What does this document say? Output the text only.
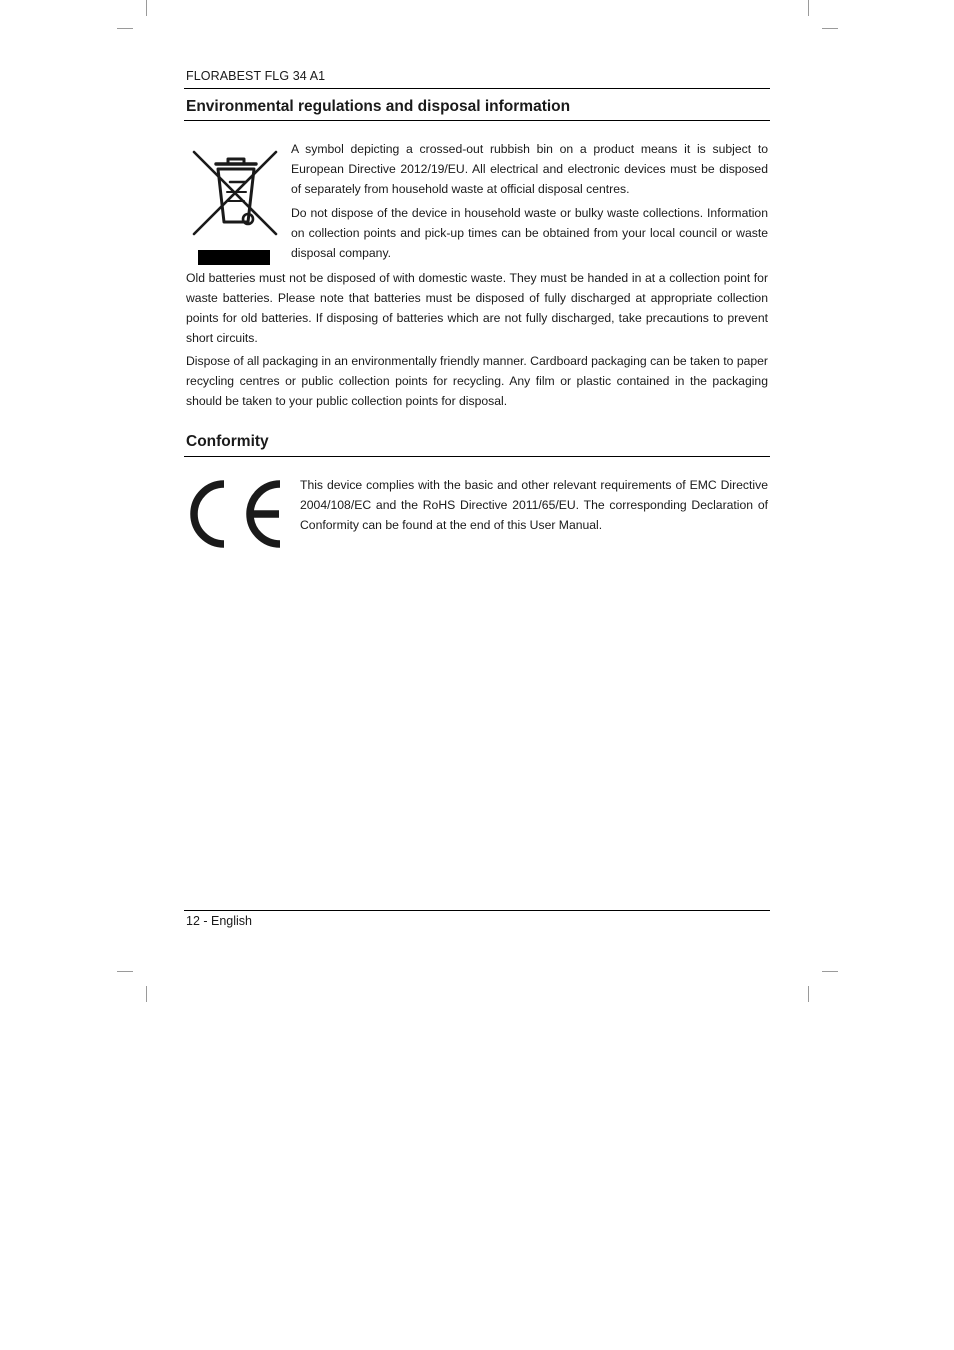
FLORABEST FLG 34 A1
Environmental regulations and disposal information

A symbol depicting a crossed-out rubbish bin on a product means it is subject to European Directive 2012/19/EU. All electrical and electronic devices must be disposed of separately from household waste at official disposal centres.

Do not dispose of the device in household waste or bulky waste collections. Information on collection points and pick-up times can be obtained from your local council or waste disposal company.

Old batteries must not be disposed of with domestic waste. They must be handed in at a collection point for waste batteries. Please note that batteries must be disposed of fully discharged at appropriate collection points for old batteries. If disposing of batteries which are not fully discharged, take precautions to prevent short circuits.

Dispose of all packaging in an environmentally friendly manner. Cardboard packaging can be taken to paper recycling centres or public collection points for recycling. Any film or plastic contained in the packaging should be taken to your public collection points for disposal.

Conformity

This device complies with the basic and other relevant requirements of EMC Directive 2004/108/EC and the RoHS Directive 2011/65/EU. The corresponding Declaration of Conformity can be found at the end of this User Manual.

12 - English
